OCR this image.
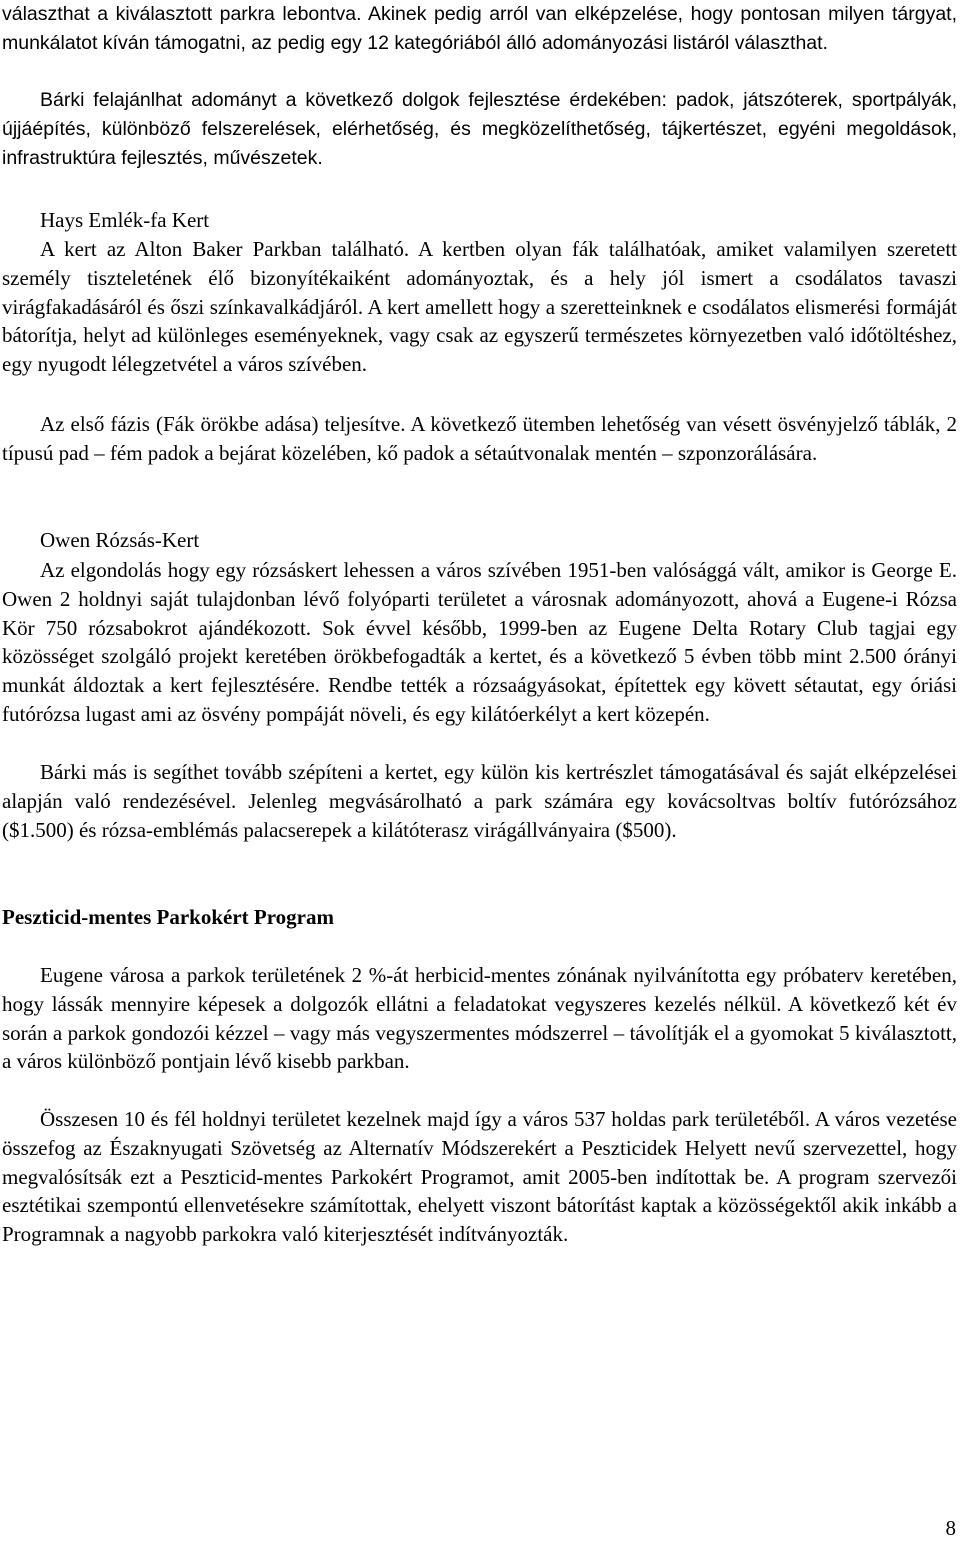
választhat a kiválasztott parkra lebontva. Akinek pedig arról van elképzelése, hogy pontosan milyen tárgyat, munkálatot kíván támogatni, az pedig egy 12 kategóriából álló adományozási listáról választhat.

Bárki felajánlhat adományt a következő dolgok fejlesztése érdekében: padok, játszóterek, sportpályák, újjáépítés, különböző felszerelések, elérhetőség, és megközelíthetőség, tájkertészet, egyéni megoldások, infrastruktúra fejlesztés, művészetek.

Hays Emlék-fa Kert

A kert az Alton Baker Parkban található. A kertben olyan fák találhatóak, amiket valamilyen szeretett személy tiszteletének élő bizonyítékaiként adományoztak, és a hely jól ismert a csodálatos tavaszi virágfakadásáról és őszi színkavalkádjáról. A kert amellett hogy a szeretteinknek e csodálatos elismerési formáját bátorítja, helyt ad különleges eseményeknek, vagy csak az egyszerű természetes környezetben való időtöltéshez, egy nyugodt lélegzetvétel a város szívében.

Az első fázis (Fák örökbe adása) teljesítve. A következő ütemben lehetőség van vésett ösvényjelző táblák, 2 típusú pad – fém padok a bejárat közelében, kő padok a sétaútvonalak mentén – szponzorálására.

Owen Rózsás-Kert

Az elgondolás hogy egy rózsáskert lehessen a város szívében 1951-ben valósággá vált, amikor is George E. Owen 2 holdnyi saját tulajdonban lévő folyóparti területet a városnak adományozott, ahová a Eugene-i Rózsa Kör 750 rózsabokrot ajándékozott. Sok évvel később, 1999-ben az Eugene Delta Rotary Club tagjai egy közösséget szolgáló projekt keretében örökbefogadták a kertet, és a következő 5 évben több mint 2.500 órányi munkát áldoztak a kert fejlesztésére. Rendbe tették a rózsaágyásokat, építettek egy követt sétautat, egy óriási futórózsa lugast ami az ösvény pompáját növeli, és egy kilátóerkélyt a kert közepén.

Bárki más is segíthet tovább szépíteni a kertet, egy külön kis kertrészlet támogatásával és saját elképzelései alapján való rendezésével. Jelenleg megvásárolható a park számára egy kovácsoltvas boltív futórózsához ($1.500) és rózsa-emblémás palacserepek a kilátóterasz virágállványaira ($500).

Peszticid-mentes Parkokért Program

Eugene városa a parkok területének 2 %-át herbicid-mentes zónának nyilvánította egy próbaterv keretében, hogy lássák mennyire képesek a dolgozók ellátni a feladatokat vegyszeres kezelés nélkül. A következő két év során a parkok gondozói kézzel – vagy más vegyszermentes módszerrel – távolítják el a gyomokat 5 kiválasztott, a város különböző pontjain lévő kisebb parkban.

Összesen 10 és fél holdnyi területet kezelnek majd így a város 537 holdas park területéből. A város vezetése összefog az Északnyugati Szövetség az Alternatív Módszerekért a Peszticidek Helyett nevű szervezettel, hogy megvalósítsák ezt a Peszticid-mentes Parkokért Programot, amit 2005-ben indítottak be. A program szervezői esztétikai szempontú ellenvetésekre számítottak, ehelyett viszont bátorítást kaptak a közösségektől akik inkább a Programnak a nagyobb parkokra való kiterjesztését indítványozták.

8
